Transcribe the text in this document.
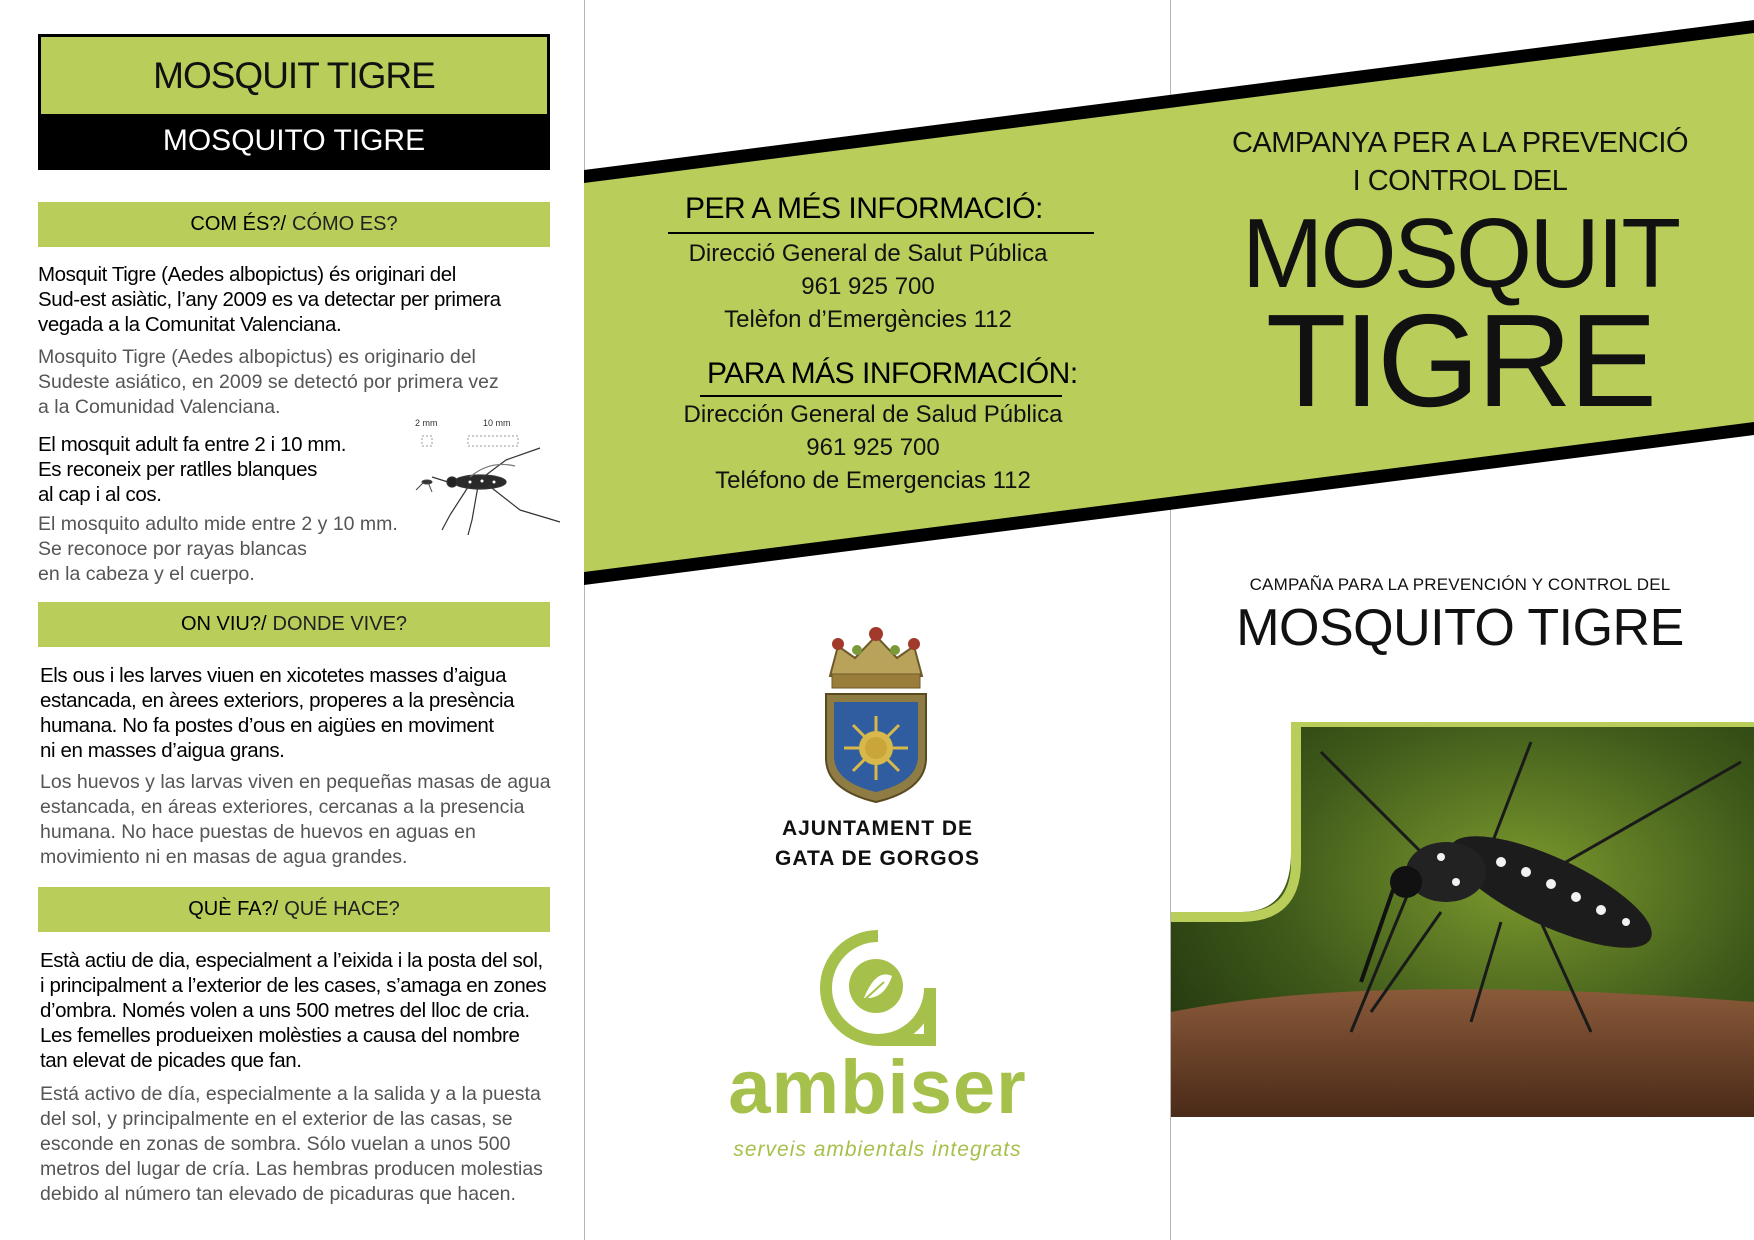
MOSQUIT TIGRE
MOSQUITO TIGRE
COM ÉS?/ CÓMO ES?
Mosquit Tigre (Aedes albopictus) és originari del
Sud-est asiàtic, l’any 2009 es va detectar per primera
vegada a la Comunitat Valenciana.
Mosquito Tigre (Aedes albopictus) es originario del
Sudeste asiático, en 2009 se detectó por primera vez
a la Comunidad Valenciana.
El mosquit adult fa entre 2 i 10 mm.
Es reconeix per ratlles blanques
al cap i al cos.
El mosquito adulto mide entre 2 y 10 mm.
Se reconoce por rayas blancas
en la cabeza y el cuerpo.
2 mm	10 mm
ON VIU?/ DONDE VIVE?
Els ous i les larves viuen en xicotetes masses d’aigua
estancada, en àrees exteriors, properes a la presència
humana. No fa postes d’ous en aigües en moviment
ni en masses d’aigua grans.
Los huevos y las larvas viven en pequeñas masas de agua
estancada, en áreas exteriores, cercanas a la presencia
humana. No hace puestas de huevos en aguas en
movimiento ni en masas de agua grandes.
QUÈ FA?/ QUÉ HACE?
Està actiu de dia, especialment a l’eixida i la posta del sol,
i principalment a l’exterior de les cases, s’amaga en zones
d’ombra. Només volen a uns 500 metres del lloc de cria.
Les femelles produeixen molèsties a causa del nombre
tan elevat de picades que fan.
Está activo de día, especialmente a la salida y a la puesta
del sol, y principalmente en el exterior de las casas, se
esconde en zonas de sombra. Sólo vuelan a unos 500
metros del lugar de cría. Las hembras producen molestias
debido al número tan elevado de picaduras que hacen.
PER A MÉS INFORMACIÓ:
Direcció General de Salut Pública
961 925 700
Telèfon d’Emergències 112
PARA MÁS INFORMACIÓN:
Dirección General de Salud Pública
961 925 700
Teléfono de Emergencias 112
AJUNTAMENT DE
GATA DE GORGOS
ambiser
serveis ambientals integrats
CAMPANYA PER A LA PREVENCIÓ
I CONTROL DEL
MOSQUIT
TIGRE
CAMPAÑA PARA LA PREVENCIÓN Y CONTROL DEL
MOSQUITO TIGRE
